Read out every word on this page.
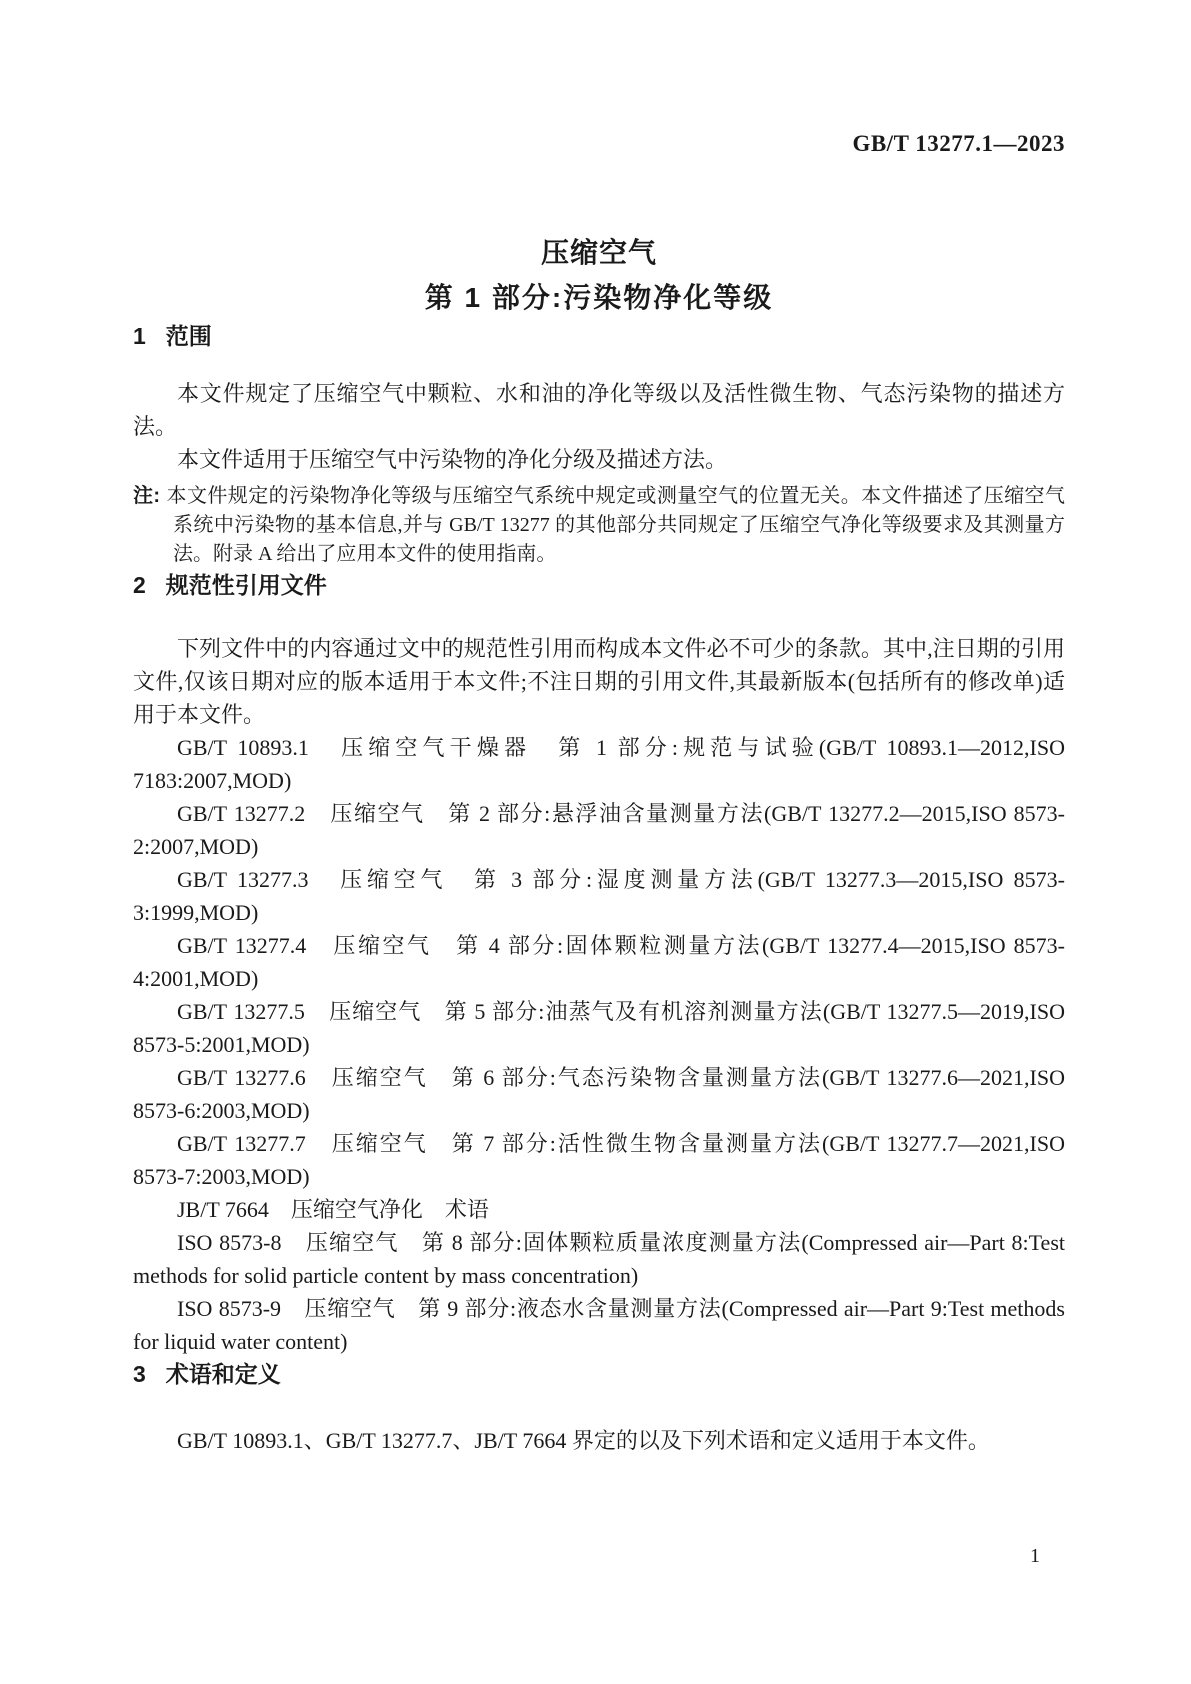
GB/T 13277.1—2023
压缩空气
第 1 部分:污染物净化等级
1 范围

本文件规定了压缩空气中颗粒、水和油的净化等级以及活性微生物、气态污染物的描述方法。

本文件适用于压缩空气中污染物的净化分级及描述方法。

注: 本文件规定的污染物净化等级与压缩空气系统中规定或测量空气的位置无关。本文件描述了压缩空气系统中污染物的基本信息,并与 GB/T 13277 的其他部分共同规定了压缩空气净化等级要求及其测量方法。附录 A 给出了应用本文件的使用指南。
2 规范性引用文件

下列文件中的内容通过文中的规范性引用而构成本文件必不可少的条款。其中,注日期的引用文件,仅该日期对应的版本适用于本文件;不注日期的引用文件,其最新版本(包括所有的修改单)适用于本文件。

GB/T 10893.1　压缩空气干燥器　第 1 部分:规范与试验(GB/T 10893.1—2012,ISO 7183:2007,MOD)

GB/T 13277.2　压缩空气　第 2 部分:悬浮油含量测量方法(GB/T 13277.2—2015,ISO 8573-2:2007,MOD)

GB/T 13277.3　压缩空气　第 3 部分:湿度测量方法(GB/T 13277.3—2015,ISO 8573-3:1999,MOD)

GB/T 13277.4　压缩空气　第 4 部分:固体颗粒测量方法(GB/T 13277.4—2015,ISO 8573-4:2001,MOD)

GB/T 13277.5　压缩空气　第 5 部分:油蒸气及有机溶剂测量方法(GB/T 13277.5—2019,ISO 8573-5:2001,MOD)

GB/T 13277.6　压缩空气　第 6 部分:气态污染物含量测量方法(GB/T 13277.6—2021,ISO 8573-6:2003,MOD)

GB/T 13277.7　压缩空气　第 7 部分:活性微生物含量测量方法(GB/T 13277.7—2021,ISO 8573-7:2003,MOD)

JB/T 7664　压缩空气净化　术语

ISO 8573-8　压缩空气　第 8 部分:固体颗粒质量浓度测量方法(Compressed air—Part 8:Test methods for solid particle content by mass concentration)

ISO 8573-9　压缩空气　第 9 部分:液态水含量测量方法(Compressed air—Part 9:Test methods for liquid water content)

3 术语和定义

GB/T 10893.1、GB/T 13277.7、JB/T 7664 界定的以及下列术语和定义适用于本文件。

1
